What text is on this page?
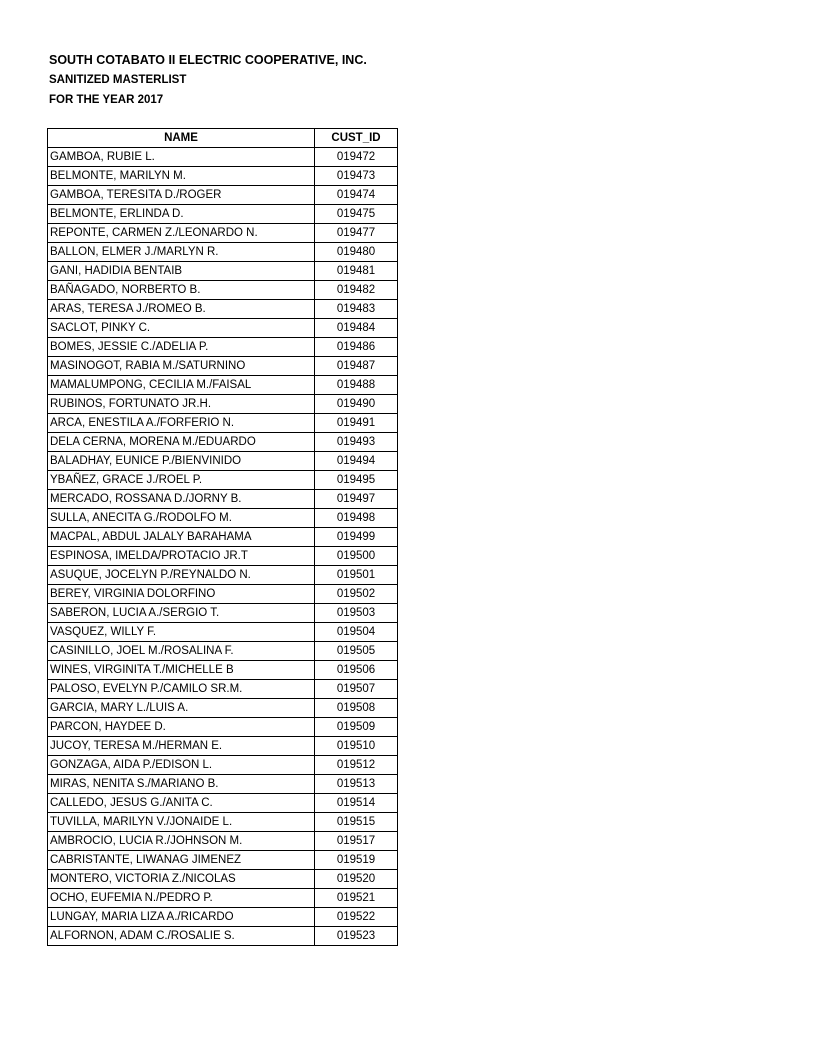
SOUTH COTABATO II ELECTRIC COOPERATIVE, INC.
SANITIZED MASTERLIST
FOR THE YEAR 2017
NAME	CUST_ID
GAMBOA, RUBIE L.	019472
BELMONTE, MARILYN M.	019473
GAMBOA, TERESITA D./ROGER	019474
BELMONTE, ERLINDA D.	019475
REPONTE, CARMEN Z./LEONARDO N.	019477
BALLON, ELMER J./MARLYN R.	019480
GANI, HADIDIA BENTAIB	019481
BAÑAGADO, NORBERTO B.	019482
ARAS, TERESA J./ROMEO B.	019483
SACLOT, PINKY C.	019484
BOMES, JESSIE C./ADELIA P.	019486
MASINOGOT, RABIA M./SATURNINO	019487
MAMALUMPONG, CECILIA M./FAISAL	019488
RUBINOS, FORTUNATO JR.H.	019490
ARCA, ENESTILA A./FORFERIO N.	019491
DELA CERNA, MORENA M./EDUARDO	019493
BALADHAY, EUNICE P./BIENVINIDO	019494
YBAÑEZ, GRACE J./ROEL P.	019495
MERCADO, ROSSANA D./JORNY B.	019497
SULLA, ANECITA G./RODOLFO M.	019498
MACPAL, ABDUL JALALY BARAHAMA	019499
ESPINOSA, IMELDA/PROTACIO JR.T	019500
ASUQUE, JOCELYN P./REYNALDO N.	019501
BEREY, VIRGINIA DOLORFINO	019502
SABERON, LUCIA A./SERGIO T.	019503
VASQUEZ, WILLY F.	019504
CASINILLO, JOEL M./ROSALINA F.	019505
WINES, VIRGINITA T./MICHELLE B	019506
PALOSO, EVELYN P./CAMILO SR.M.	019507
GARCIA, MARY L./LUIS A.	019508
PARCON, HAYDEE D.	019509
JUCOY, TERESA M./HERMAN E.	019510
GONZAGA, AIDA P./EDISON L.	019512
MIRAS, NENITA S./MARIANO B.	019513
CALLEDO, JESUS G./ANITA C.	019514
TUVILLA, MARILYN V./JONAIDE L.	019515
AMBROCIO, LUCIA R./JOHNSON M.	019517
CABRISTANTE, LIWANAG JIMENEZ	019519
MONTERO, VICTORIA Z./NICOLAS	019520
OCHO, EUFEMIA N./PEDRO P.	019521
LUNGAY, MARIA LIZA A./RICARDO	019522
ALFORNON, ADAM C./ROSALIE S.	019523
